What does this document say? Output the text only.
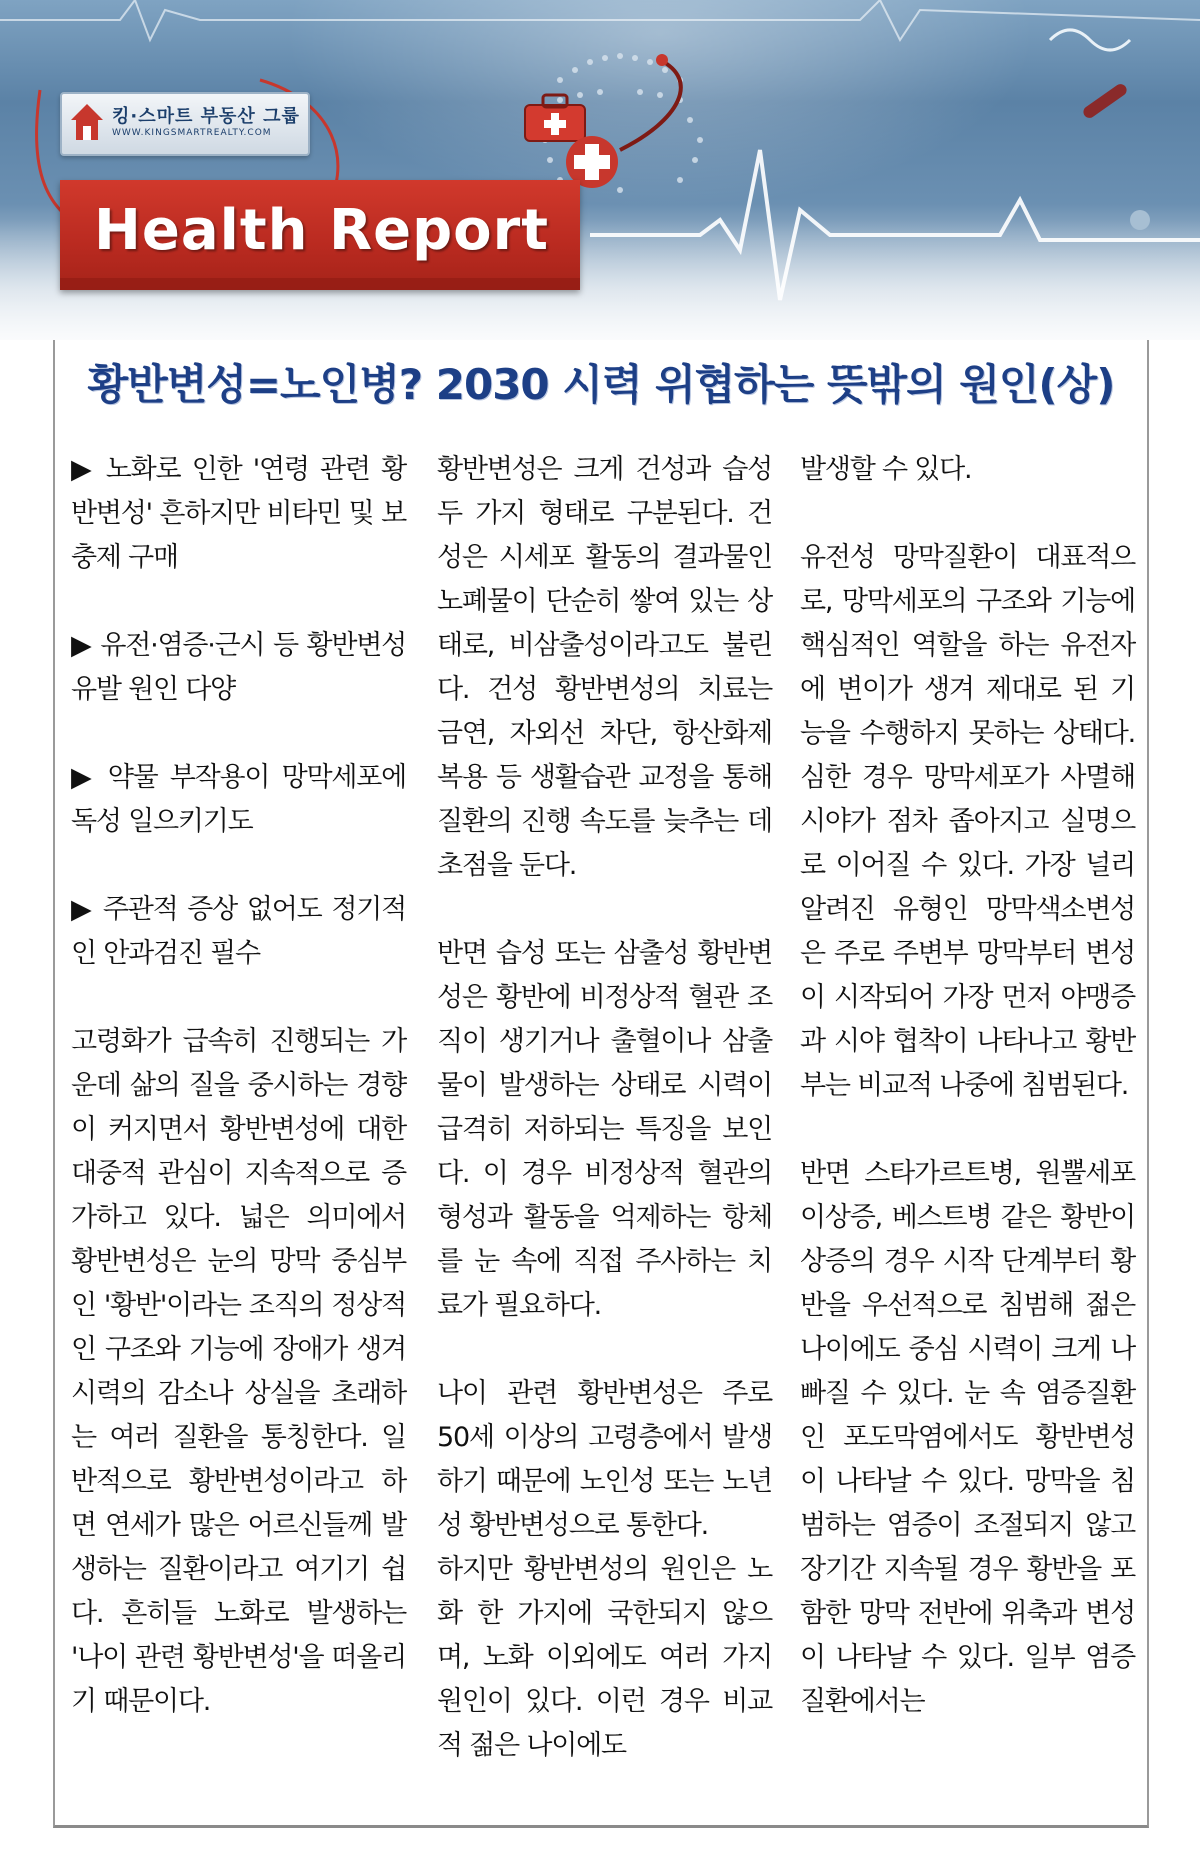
킹·스마트 부동산 그룹
WWW.KINGSMARTREALTY.COM
Health Report
황반변성=노인병? 2030 시력 위협하는 뜻밖의 원인(상)

▶ 노화로 인한 '연령 관련 황반변성' 흔하지만 비타민 및 보충제 구매

▶ 유전·염증·근시 등 황반변성 유발 원인 다양

▶ 약물 부작용이 망막세포에 독성 일으키기도

▶ 주관적 증상 없어도 정기적인 안과검진 필수

고령화가 급속히 진행되는 가운데 삶의 질을 중시하는 경향이 커지면서 황반변성에 대한 대중적 관심이 지속적으로 증가하고 있다. 넓은 의미에서 황반변성은 눈의 망막 중심부인 '황반'이라는 조직의 정상적인 구조와 기능에 장애가 생겨 시력의 감소나 상실을 초래하는 여러 질환을 통칭한다. 일반적으로 황반변성이라고 하면 연세가 많은 어르신들께 발생하는 질환이라고 여기기 쉽다. 흔히들 노화로 발생하는 '나이 관련 황반변성'을 떠올리기 때문이다.

황반변성은 크게 건성과 습성 두 가지 형태로 구분된다. 건성은 시세포 활동의 결과물인 노폐물이 단순히 쌓여 있는 상태로, 비삼출성이라고도 불린다. 건성 황반변성의 치료는 금연, 자외선 차단, 항산화제 복용 등 생활습관 교정을 통해 질환의 진행 속도를 늦추는 데 초점을 둔다.

반면 습성 또는 삼출성 황반변성은 황반에 비정상적 혈관 조직이 생기거나 출혈이나 삼출물이 발생하는 상태로 시력이 급격히 저하되는 특징을 보인다. 이 경우 비정상적 혈관의 형성과 활동을 억제하는 항체를 눈 속에 직접 주사하는 치료가 필요하다.

나이 관련 황반변성은 주로 50세 이상의 고령층에서 발생하기 때문에 노인성 또는 노년성 황반변성으로 통한다.

하지만 황반변성의 원인은 노화 한 가지에 국한되지 않으며, 노화 이외에도 여러 가지 원인이 있다. 이런 경우 비교적 젊은 나이에도

발생할 수 있다.

유전성 망막질환이 대표적으로, 망막세포의 구조와 기능에 핵심적인 역할을 하는 유전자에 변이가 생겨 제대로 된 기능을 수행하지 못하는 상태다. 심한 경우 망막세포가 사멸해 시야가 점차 좁아지고 실명으로 이어질 수 있다. 가장 널리 알려진 유형인 망막색소변성은 주로 주변부 망막부터 변성이 시작되어 가장 먼저 야맹증과 시야 협착이 나타나고 황반부는 비교적 나중에 침범된다.

반면 스타가르트병, 원뿔세포이상증, 베스트병 같은 황반이상증의 경우 시작 단계부터 황반을 우선적으로 침범해 젊은 나이에도 중심 시력이 크게 나빠질 수 있다. 눈 속 염증질환인 포도막염에서도 황반변성이 나타날 수 있다. 망막을 침범하는 염증이 조절되지 않고 장기간 지속될 경우 황반을 포함한 망막 전반에 위축과 변성이 나타날 수 있다. 일부 염증 질환에서는
